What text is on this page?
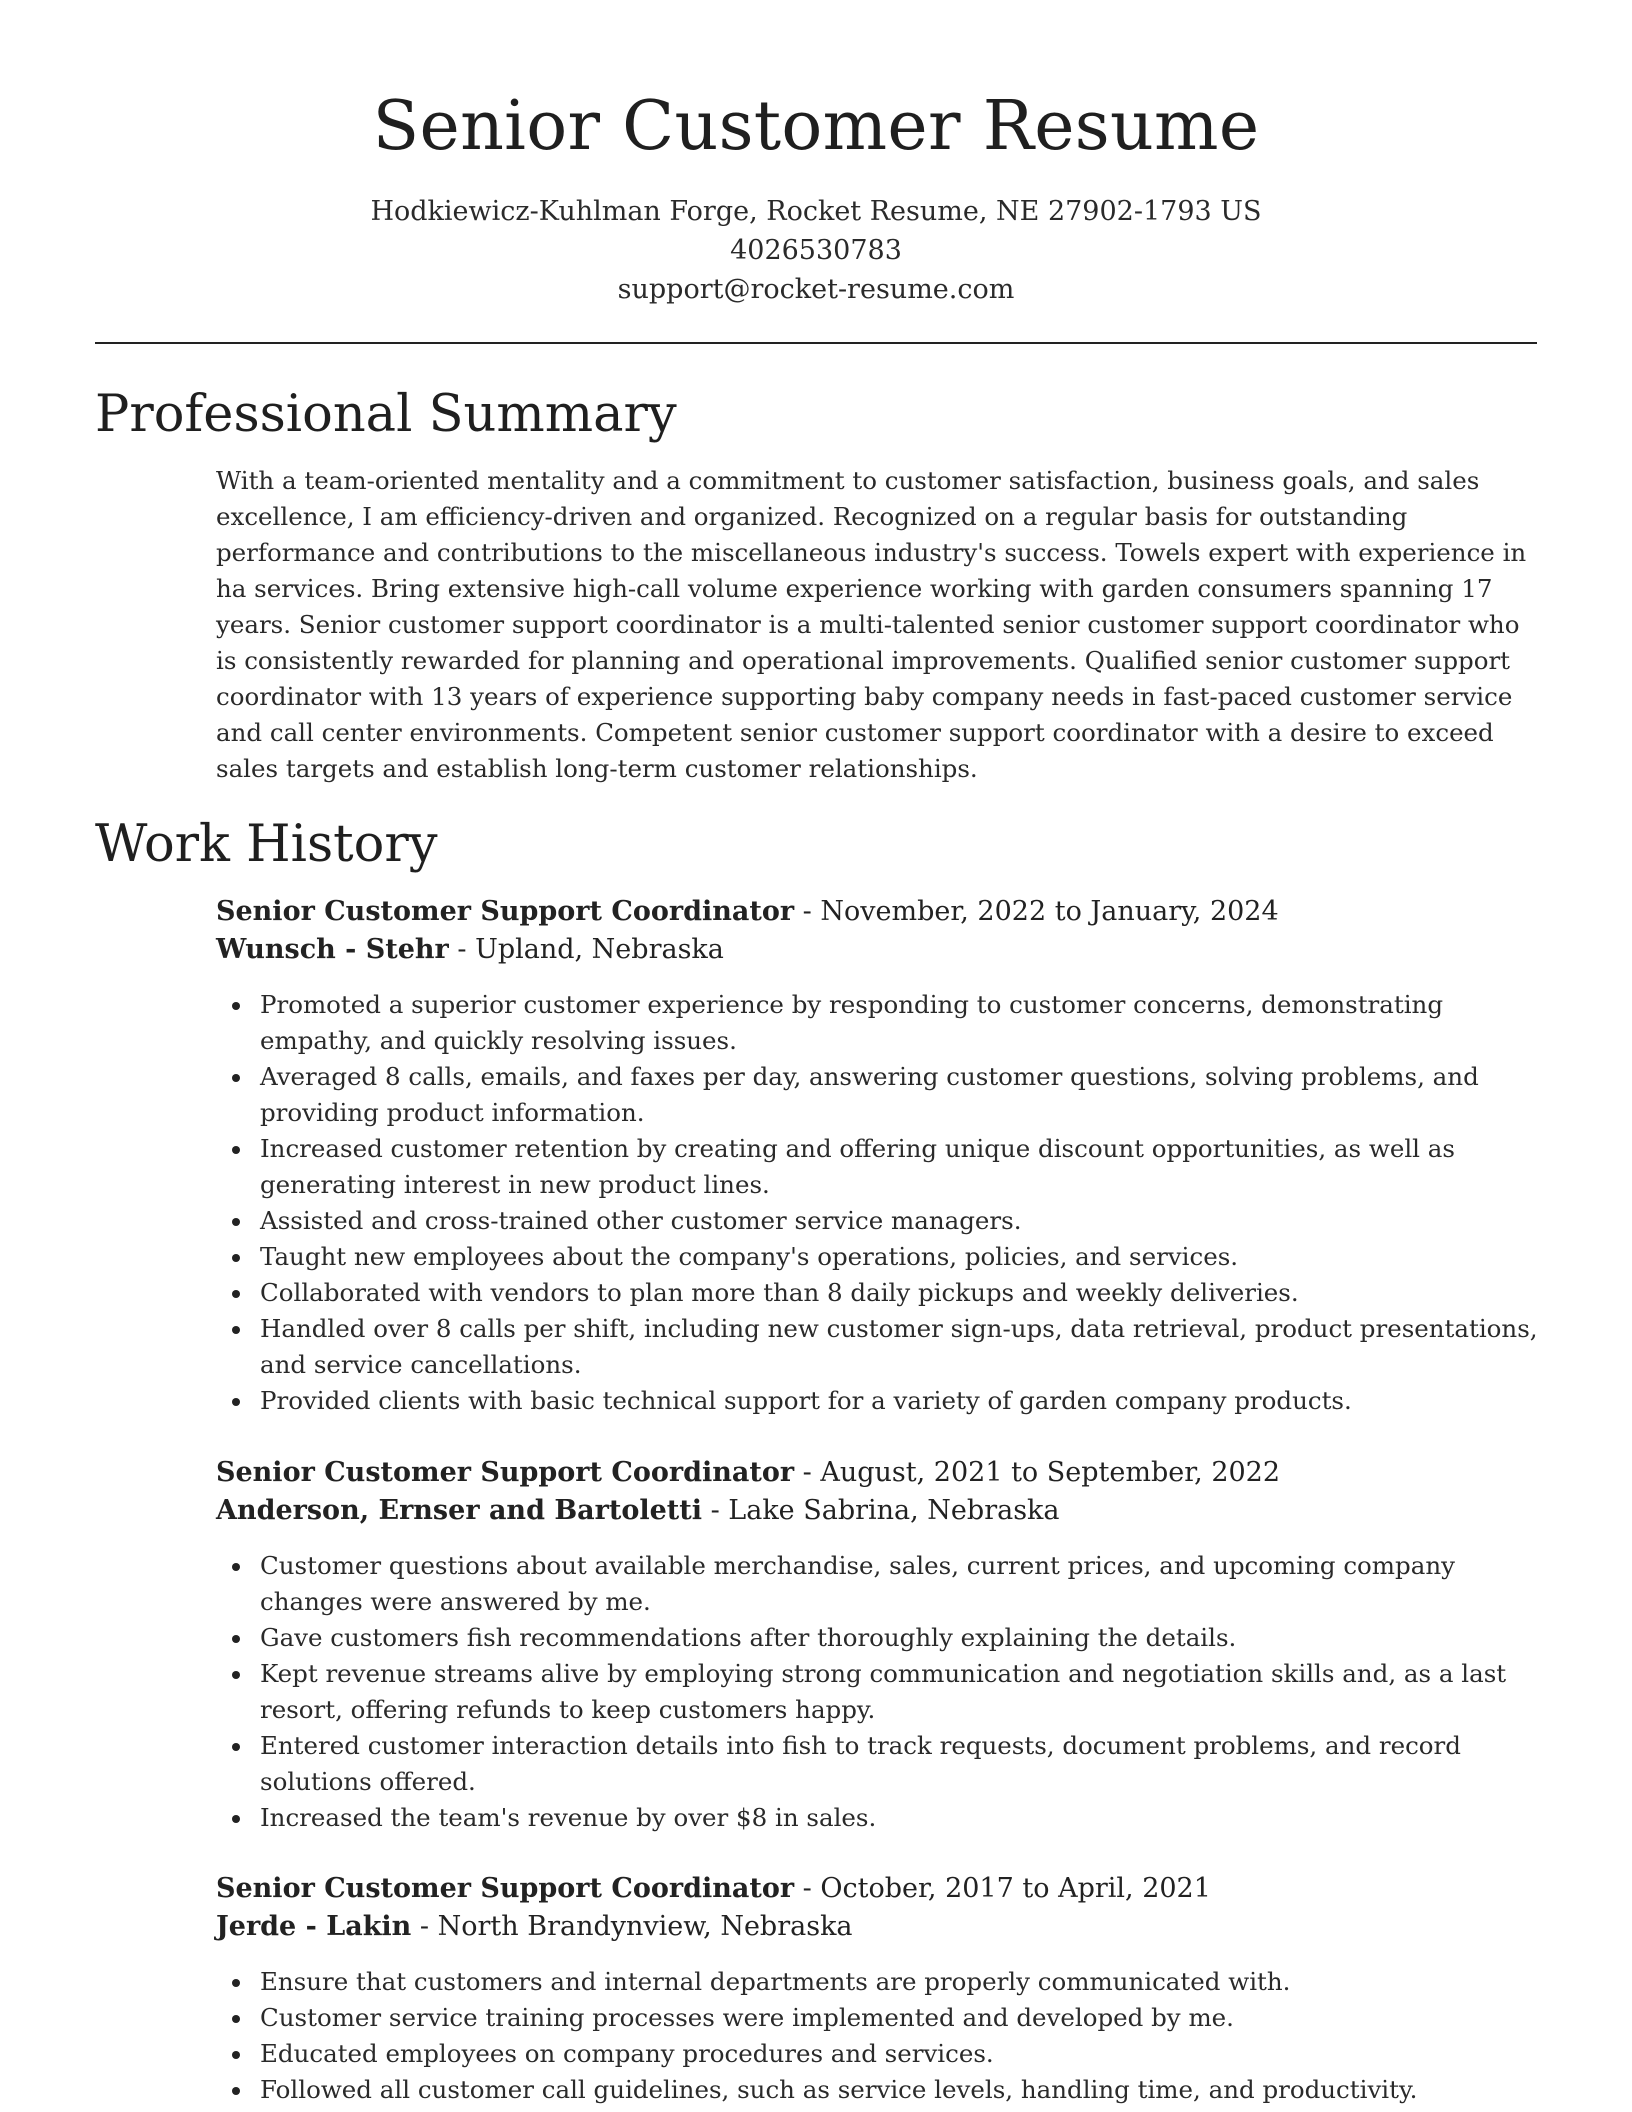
Senior Customer Resume
Hodkiewicz-Kuhlman Forge, Rocket Resume, NE 27902-1793 US
4026530783
support@rocket-resume.com
Professional Summary

With a team-oriented mentality and a commitment to customer satisfaction, business goals, and sales excellence, I am efficiency-driven and organized. Recognized on a regular basis for outstanding performance and contributions to the miscellaneous industry's success. Towels expert with experience in ha services. Bring extensive high-call volume experience working with garden consumers spanning 17 years. Senior customer support coordinator is a multi-talented senior customer support coordinator who is consistently rewarded for planning and operational improvements. Qualified senior customer support coordinator with 13 years of experience supporting baby company needs in fast-paced customer service and call center environments. Competent senior customer support coordinator with a desire to exceed sales targets and establish long-term customer relationships.

Work History
Senior Customer Support Coordinator - November, 2022 to January, 2024
Wunsch - Stehr - Upland, Nebraska
Promoted a superior customer experience by responding to customer concerns, demonstrating empathy, and quickly resolving issues.
Averaged 8 calls, emails, and faxes per day, answering customer questions, solving problems, and providing product information.
Increased customer retention by creating and offering unique discount opportunities, as well as generating interest in new product lines.
Assisted and cross-trained other customer service managers.
Taught new employees about the company's operations, policies, and services.
Collaborated with vendors to plan more than 8 daily pickups and weekly deliveries.
Handled over 8 calls per shift, including new customer sign-ups, data retrieval, product presentations, and service cancellations.
Provided clients with basic technical support for a variety of garden company products.
Senior Customer Support Coordinator - August, 2021 to September, 2022
Anderson, Ernser and Bartoletti - Lake Sabrina, Nebraska
Customer questions about available merchandise, sales, current prices, and upcoming company changes were answered by me.
Gave customers fish recommendations after thoroughly explaining the details.
Kept revenue streams alive by employing strong communication and negotiation skills and, as a last resort, offering refunds to keep customers happy.
Entered customer interaction details into fish to track requests, document problems, and record solutions offered.
Increased the team's revenue by over $8 in sales.
Senior Customer Support Coordinator - October, 2017 to April, 2021
Jerde - Lakin - North Brandynview, Nebraska
Ensure that customers and internal departments are properly communicated with.
Customer service training processes were implemented and developed by me.
Educated employees on company procedures and services.
Followed all customer call guidelines, such as service levels, handling time, and productivity.
